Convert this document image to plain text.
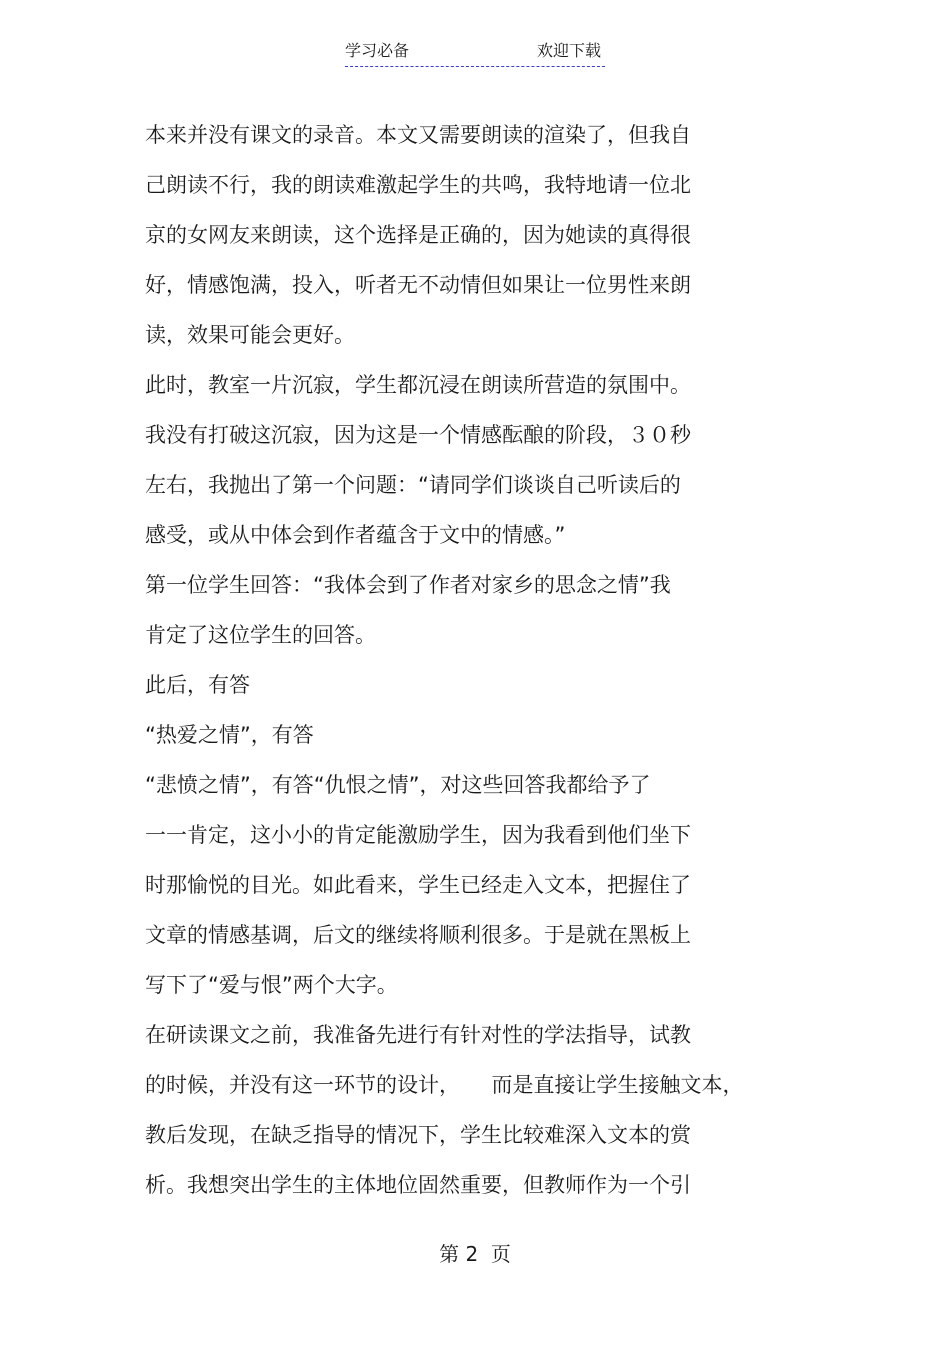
学习必备	欢迎下载
本来并没有课文的录音。本文又需要朗读的渲染了，但我自
己朗读不行，我的朗读难激起学生的共鸣，我特地请一位北
京的女网友来朗读，这个选择是正确的，因为她读的真得很
好，情感饱满，投入，听者无不动情但如果让一位男性来朗
读，效果可能会更好。
此时，教室一片沉寂，学生都沉浸在朗读所营造的氛围中。
我没有打破这沉寂，因为这是一个情感酝酿的阶段，３０秒
左右，我抛出了第一个问题：“请同学们谈谈自己听读后的
感受，或从中体会到作者蕴含于文中的情感。”
第一位学生回答：“我体会到了作者对家乡的思念之情”我
肯定了这位学生的回答。
此后，有答
“热爱之情”，有答
“悲愤之情”，有答“仇恨之情”，对这些回答我都给予了
一一肯定，这小小的肯定能激励学生，因为我看到他们坐下
时那愉悦的目光。如此看来，学生已经走入文本，把握住了
文章的情感基调，后文的继续将顺利很多。于是就在黑板上
写下了“爱与恨”两个大字。
在研读课文之前，我准备先进行有针对性的学法指导，试教
的时候，并没有这一环节的设计，　　而是直接让学生接触文本，
教后发现，在缺乏指导的情况下，学生比较难深入文本的赏
析。我想突出学生的主体地位固然重要，但教师作为一个引
第 2  页
